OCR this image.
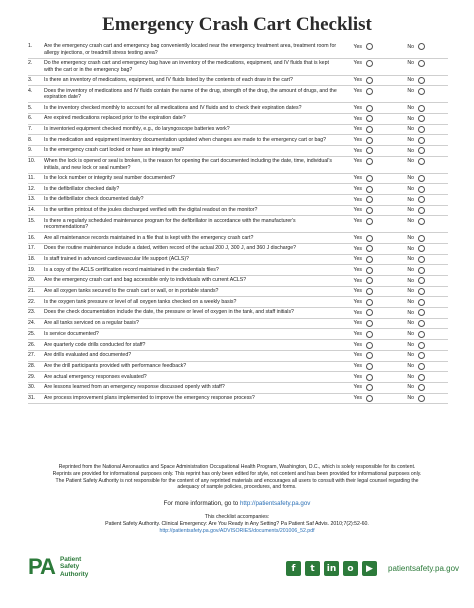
Emergency Crash Cart Checklist
1.	Are the emergency crash cart and emergency bag conveniently located near the emergency treatment area, treatment room for allergy injections, or treadmill stress testing area?
Yes	No
2.	Do the emergency crash cart and emergency bag have an inventory of the medications, equipment, and IV fluids that is kept with the cart or in the emergency bag?
Yes	No
3.	Is there an inventory of medications, equipment, and IV fluids listed by the contents of each draw in the cart?	Yes	No
4.	Does the inventory of medications and IV fluids contain the name of the drug, strength of the drug, the amount of drugs, and the expiration date?
Yes	No
5.	Is the inventory checked monthly to account for all medications and IV fluids and to check their expiration dates?	Yes	No
6.	Are expired medications replaced prior to the expiration date?	Yes	No
7.	Is inventoried equipment checked monthly, e.g., do laryngoscope batteries work?	Yes	No
8.	Is the medication and equipment inventory documentation updated when changes are made to the emergency cart or bag?	Yes	No
9.	Is the emergency crash cart locked or have an integrity seal?	Yes	No
10.	When the lock is opened or seal is broken, is the reason for opening the cart documented including the date, time, individual's initials, and new lock or seal number?
Yes	No
11.	Is the lock number or integrity seal number documented?	Yes	No
12.	Is the defibrillator checked daily?	Yes	No
13.	Is the defibrillator check documented daily?	Yes	No
14.	Is the written printout of the joules discharged verified with the digital readout on the monitor?	Yes	No
15.	Is there a regularly scheduled maintenance program for the defibrillator in accordance with the manufacturer's recommendations?
Yes	No
16.	Are all maintenance records maintained in a file that is kept with the emergency crash cart?	Yes	No
17.	Does the routine maintenance include a dated, written record of the actual 200 J, 300 J, and 360 J discharge?	Yes	No
18.	Is staff trained in advanced cardiovascular life support (ACLS)?	Yes	No
19.	Is a copy of the ACLS certification record maintained in the credentials files?	Yes	No
20.	Are the emergency crash cart and bag accessible only to individuals with current ACLS?	Yes	No
21.	Are all oxygen tanks secured to the crash cart or wall, or in portable stands?	Yes	No
22.	Is the oxygen tank pressure or level of all oxygen tanks checked on a weekly basis?	Yes	No
23.	Does the check documentation include the date, the pressure or level of oxygen in the tank, and staff initials?	Yes	No
24.	Are all tanks serviced on a regular basis?	Yes	No
25.	Is service documented?	Yes	No
26.	Are quarterly code drills conducted for staff?	Yes	No
27.	Are drills evaluated and documented?	Yes	No
28.	Are the drill participants provided with performance feedback?	Yes	No
29.	Are actual emergency responses evaluated?	Yes	No
30.	Are lessons learned from an emergency response discussed openly with staff?	Yes	No
31.	Are process improvement plans implemented to improve the emergency response process?	Yes	No
Reprinted from the National Aeronautics and Space Administration Occupational Health Program, Washington, D.C., which is solely responsible for its content. Reprints are provided for informational purposes only. This reprint has only been edited for style, not content and has been provided for informational purposes only. The Patient Safety Authority is not responsible for the content of any reprinted materials and encourages all users to consult with their legal counsel regarding the adequacy of sample policies, procedures, and forms.
For more information, go to http://patientsafety.pa.gov
This checklist accompanies:
Patient Safety Authority. Clinical Emergency: Are You Ready in Any Setting? Pa Patient Saf Advis. 2010;7(2):52-60.
http://patientsafety.pa.gov/ADVISORIES/documents/201006_52.pdf
PA Patient
Safety
Authority
f	t	in	o	▶	patientsafety.pa.gov
